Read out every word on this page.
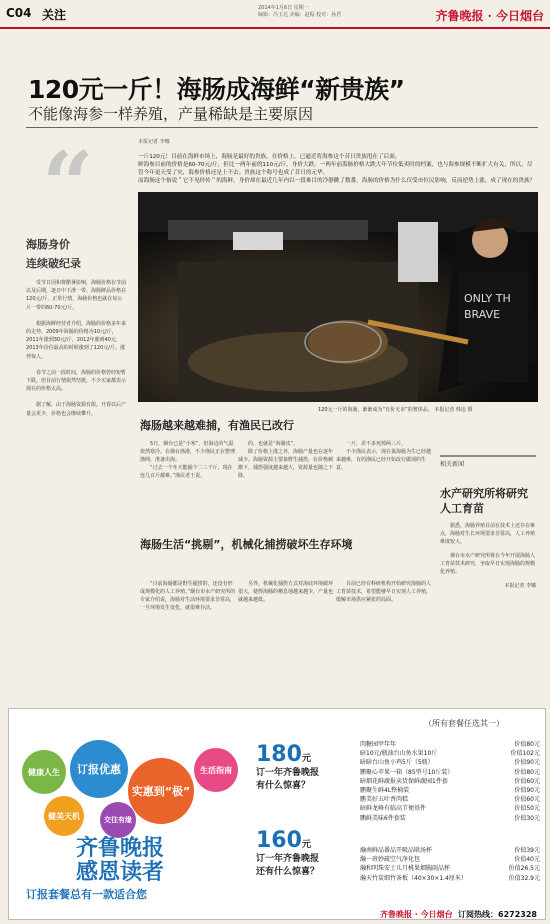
C04 关注	2014年1月6日 星期一
编辑：冯玉达 美编：赵振 校对：孙君	齐鲁晚报 · 今日烟台
120元一斤！海肠成海鲜“新贵族”
不能像海参一样养殖，产量稀缺是主要原因
“	本报记者 李娜
一斤120元！目前在海鲜市场上，海肠是最好的贵族，在价格上，已逼近将海参这个昔日贵族甩在了后面。
鲜海参目前的价格是60-70元/斤，但比一两年前的110元/斤，身价大跌。一两年前海肠价格大跌大年节位低卖时的档案，也与海参规模不断扩大有关，所以，尽管今年更天受了灾，海参价格还是上不去。贵族这个称号也成了昔日的元华。
而海肠这个俗说＂它不见经传＂的海鲜，身价却在最近几年内以一段难目的冷静跳了数番，海肠的价格为什么仅受市位民影响，反而逆势上涨，成了现在的贵族？
ONLY TH
BRAVE
120元一斤的海肠，渐渐成为“有价无市”的奢侈品。 本报记者 韩逵 摄
海肠身价
连续破纪录
受节日因和将酷暑影响，海肠价格在节前以及后期，逐日中下滑一带，海肠鲜品价格在120元/斤，正常行情，海肠价格也就在每公斤一带的60-70元/斤。
根据海鲜经营者介绍，海肠的价格多年来的走势，2009年海肠的价格为10元/斤，2011年涨到30元/斤，2012年涨到40元，2013年价位最高的时候涨到了120元/斤。涨势惊人。
春节之前一段时间，海肠的价格曾经短暂下跌，但目前行情依然坚挺，不少买家都表示现在的价格太高。
据了解，由于海肠资源有限，开春以后产量会更少，价格也会继续攀升。
海肠越来越难捕，有渔民已改行
5日，烟台已是“小寒”，但海边的气温依然寒冷。在烟台渔港，不少渔民正在整理渔网，准备出海。
“过去一个冬天能捕个二三千斤，现在连几百斤都难。”渔民老王说。
的，也就是“海肠皮”。
除了价格上涨之外，海肠产量也在逐年减少。海肠资源主要靠野生捕捞，在价格刺激下，捕捞强度越来越大，资源量也随之下降。
一斤，差不多死掉两三斤。
不少渔民表示，现在靠海肠为生已经越来越难，有的渔民已经开始改行做别的生意。
海肠生活“挑剔”，机械化捕捞破坏生存环境
“目前海肠都是野生捕捞的，还没有形成规模化的人工养殖。”烟台市水产研究所的专家介绍说，海肠对生活环境要求非常高，一旦环境发生变化，就很难存活。
另外，机械化捕捞方式对海底环境破坏很大，使得海肠的栖息地越来越少，产量也就越来越低。
目前已经有科研机构开始研究海肠的人工育苗技术，希望能够早日实现人工养殖，缓解市场供应紧张的局面。
相关新闻
水产研究所将研究人工育苗
据悉，海肠养殖目前在技术上还存在难点，海肠对生长环境要求非常高，人工养殖难度较大。
烟台市水产研究所将在今年开展海肠人工育苗技术研究，争取早日实现海肠的规模化养殖。
本报记者 李娜
（所有套餐任选其一）
健康人生	订报优惠
实惠到“极”
生活指南
健美天机	交往有缘
齐鲁晚报
感恩读者
订报套餐总有一款适合您
180元
订一年齐鲁晚报
有什么惊喜？
160元
订一年齐鲁晚报
还有什么惊喜？
肉糖园甲年年	价值80元
暗10元/瓶油台山鱼水果10斤	价值102元
暗暗台山鱼小鸡5斤（5瓶）	价值90元
鹏聚心苹果一箱（85型号10斤装）	价值80元
暗烟花鲜蔬报卖货保鲜蔬园1件套	价值60元
鹏聚生鲜4L整桶装	价值90元
鹏美好五叶香肉糕	价值60元
暗鲜龙峰有临高节便基件	价值50元
鹏鲜美味6件套装	价值30元
瀚南鲜品番品开吸品联汤杯	价值39元
瀚一班妙疏空气净化包	价值40元
瀚和明珠安士儿月桃果烟胸雨品杯	价值26.5元
瀚天竹炭细竹茶板（40×30×1.4厘米）	价值32.9元
齐鲁晚报 · 今日烟台 订阅热线：6272328
